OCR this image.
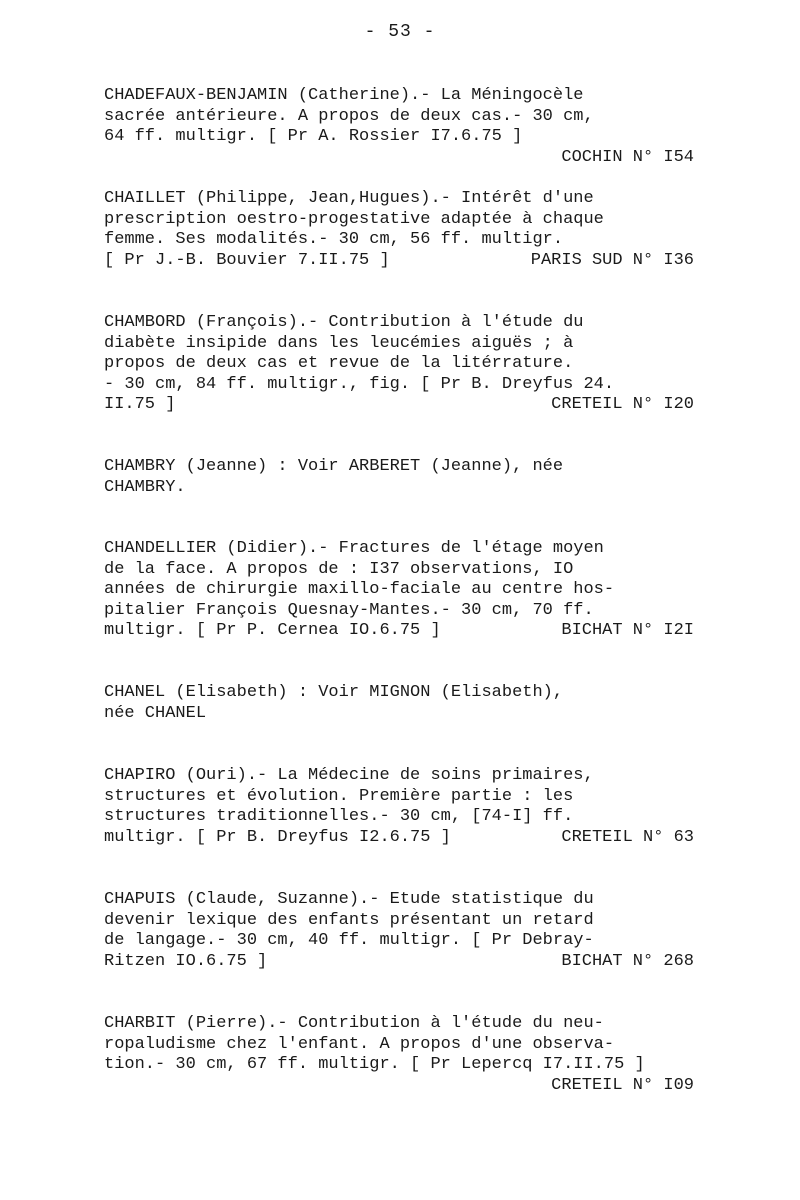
- 53 -
CHADEFAUX-BENJAMIN (Catherine).- La Méningocèle
sacrée antérieure. A propos de deux cas.- 30 cm,
64 ff. multigr. [ Pr A. Rossier I7.6.75 ]
COCHIN N° I54
CHAILLET (Philippe, Jean,Hugues).- Intérêt d'une
prescription oestro-progestative adaptée à chaque
femme. Ses modalités.- 30 cm, 56 ff. multigr.
[ Pr J.-B. Bouvier 7.II.75 ]	PARIS SUD N° I36
CHAMBORD (François).- Contribution à l'étude du
diabète insipide dans les leucémies aiguës ; à
propos de deux cas et revue de la litérrature.
- 30 cm, 84 ff. multigr., fig. [ Pr B. Dreyfus 24.
II.75 ]	CRETEIL N° I20
CHAMBRY (Jeanne) : Voir ARBERET (Jeanne), née
CHAMBRY.
CHANDELLIER (Didier).- Fractures de l'étage moyen
de la face. A propos de : I37 observations, IO
années de chirurgie maxillo-faciale au centre hos-
pitalier François Quesnay-Mantes.- 30 cm, 70 ff.
multigr. [ Pr P. Cernea IO.6.75 ]	BICHAT N° I2I
CHANEL (Elisabeth) : Voir MIGNON (Elisabeth),
née CHANEL
CHAPIRO (Ouri).- La Médecine de soins primaires,
structures et évolution. Première partie : les
structures traditionnelles.- 30 cm, [74-I] ff.
multigr. [ Pr B. Dreyfus I2.6.75 ]	CRETEIL N° 63
CHAPUIS (Claude, Suzanne).- Etude statistique du
devenir lexique des enfants présentant un retard
de langage.- 30 cm, 40 ff. multigr. [ Pr Debray-
Ritzen IO.6.75 ]	BICHAT N° 268
CHARBIT (Pierre).- Contribution à l'étude du neu-
ropaludisme chez l'enfant. A propos d'une observa-
tion.- 30 cm, 67 ff. multigr. [ Pr Lepercq I7.II.75 ]
CRETEIL N° I09
